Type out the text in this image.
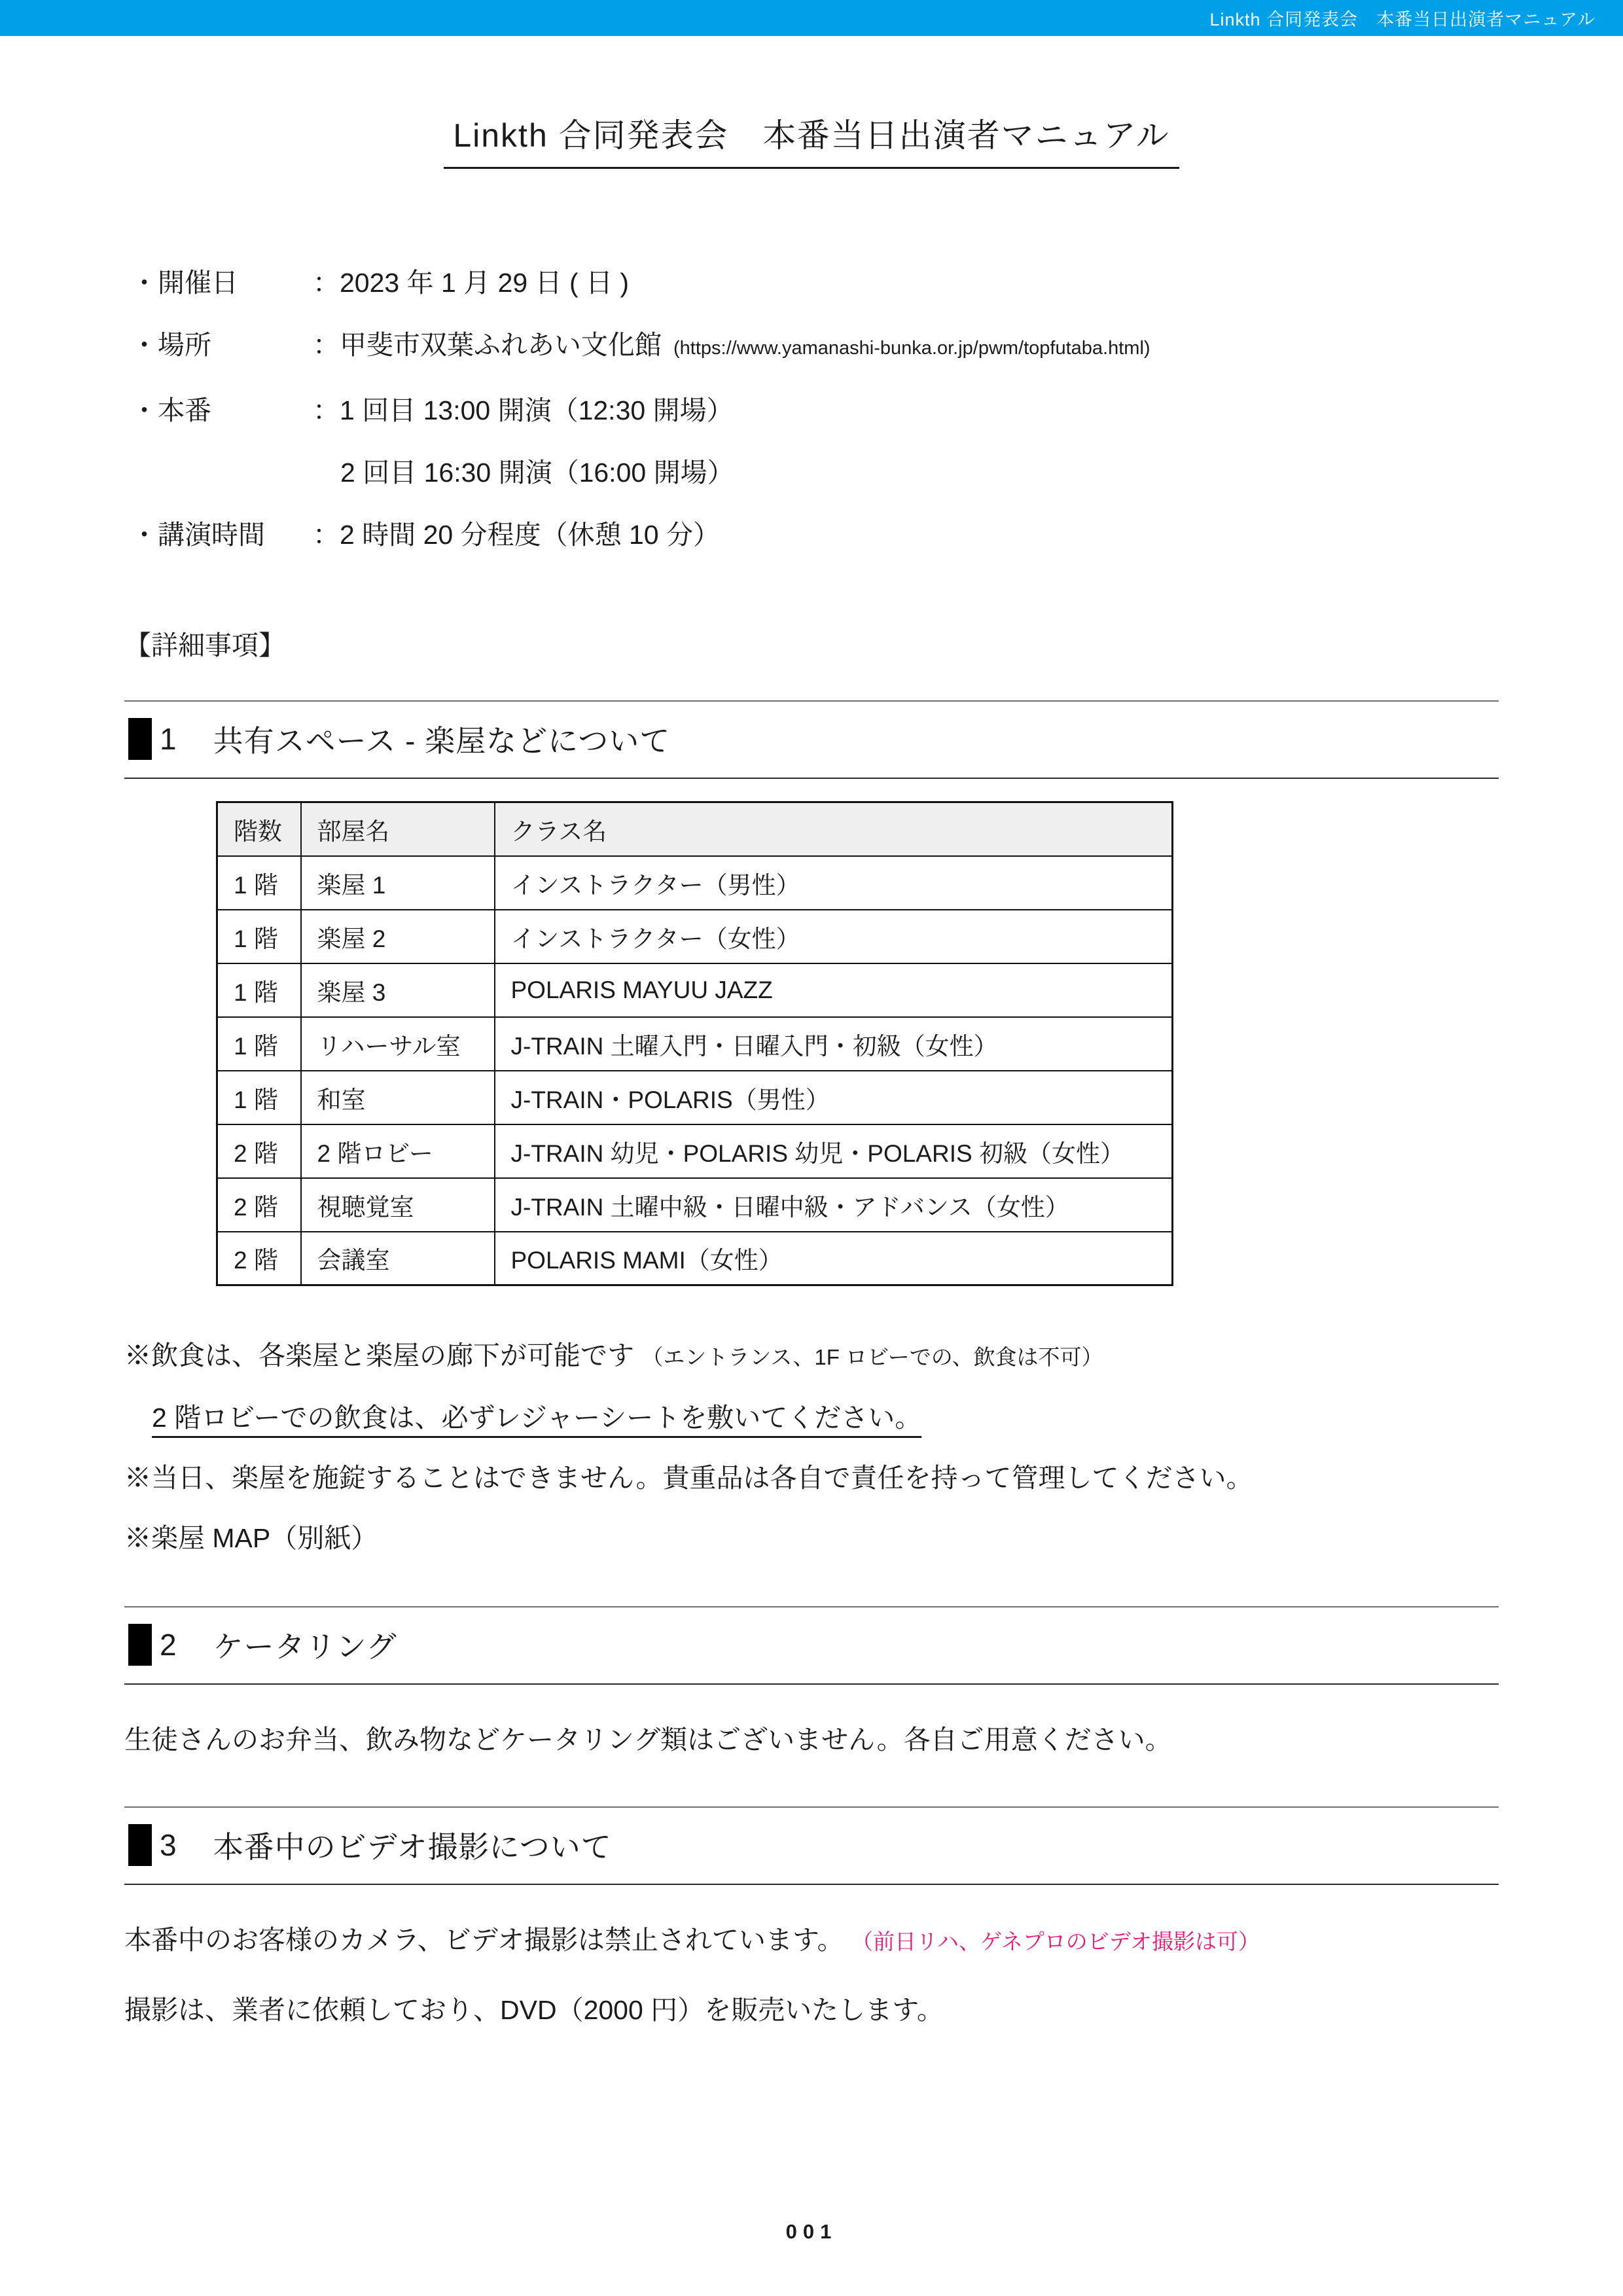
Linkth 合同発表会　本番当日出演者マニュアル
Linkth 合同発表会　本番当日出演者マニュアル
・開催日	： 2023 年 1 月 29 日 ( 日 )
・場所	： 甲斐市双葉ふれあい文化館 (https://www.yamanashi-bunka.or.jp/pwm/topfutaba.html)
・本番	： 1 回目 13:00 開演（12:30 開場）
2 回目 16:30 開演（16:00 開場）
・講演時間	： 2 時間 20 分程度（休憩 10 分）
【詳細事項】
1 共有スペース - 楽屋などについて
階数	部屋名	クラス名
1 階	楽屋 1	インストラクター（男性）
1 階	楽屋 2	インストラクター（女性）
1 階	楽屋 3	POLARIS MAYUU JAZZ
1 階	リハーサル室	J-TRAIN 土曜入門・日曜入門・初級（女性）
1 階	和室	J-TRAIN・POLARIS（男性）
2 階	2 階ロビー	J-TRAIN 幼児・POLARIS 幼児・POLARIS 初級（女性）
2 階	視聴覚室	J-TRAIN 土曜中級・日曜中級・アドバンス（女性）
2 階	会議室	POLARIS MAMI（女性）
※飲食は、各楽屋と楽屋の廊下が可能です （エントランス、1F ロビーでの、飲食は不可）
2 階ロビーでの飲食は、必ずレジャーシートを敷いてください。
※当日、楽屋を施錠することはできません。貴重品は各自で責任を持って管理してください。
※楽屋 MAP（別紙）
2 ケータリング

生徒さんのお弁当、飲み物などケータリング類はございません。各自ご用意ください。

3 本番中のビデオ撮影について
本番中のお客様のカメラ、ビデオ撮影は禁止されています。 （前日リハ、ゲネプロのビデオ撮影は可）
撮影は、業者に依頼しており、DVD（2000 円）を販売いたします。
001
